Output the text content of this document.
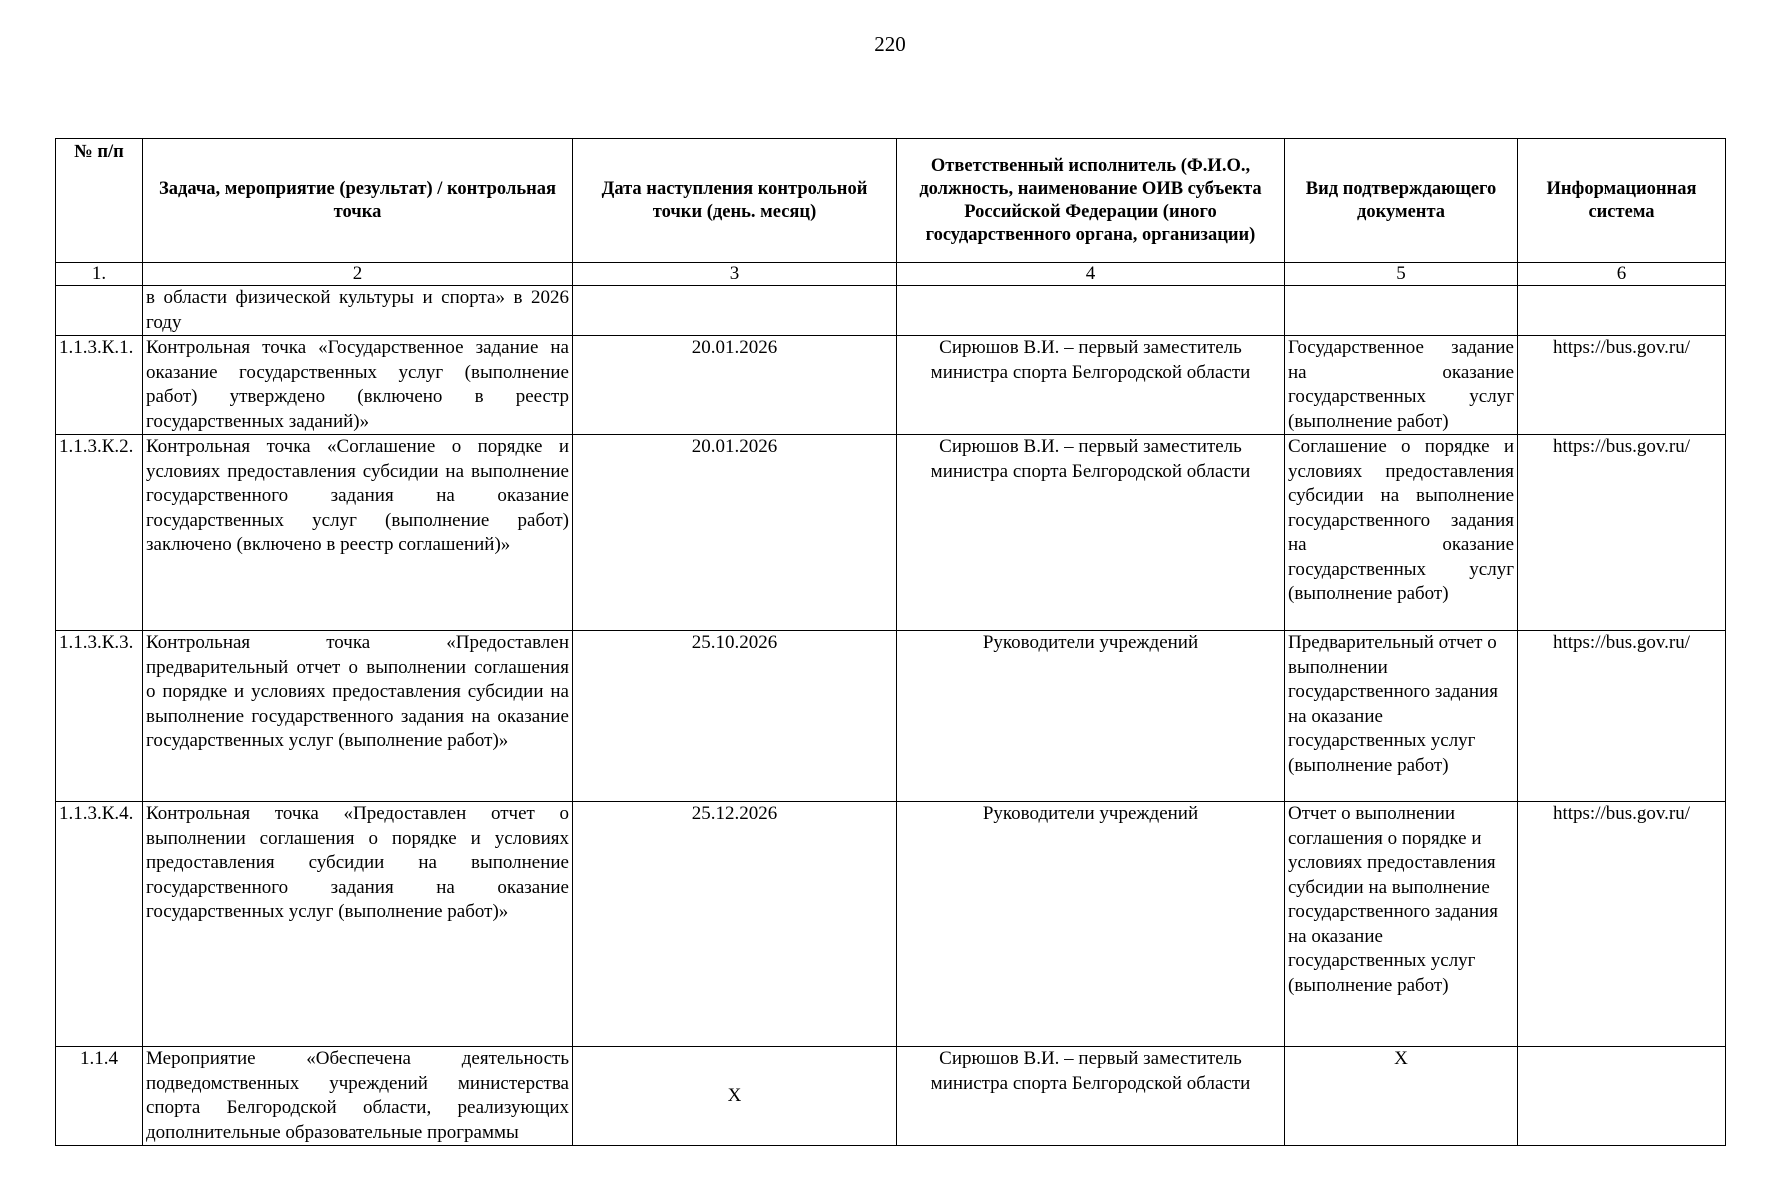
220
№ п/п	Задача, мероприятие (результат) / контрольная точка	Дата наступления контрольной точки (день. месяц)	Ответственный исполнитель (Ф.И.О., должность, наименование ОИВ субъекта Российской Федерации (иного государственного органа, организации)	Вид подтверждающего документа	Информационная система
1.	2	3	4	5	6
	в области физической культуры и спорта» в 2026 году				
1.1.3.К.1.	Контрольная точка «Государственное задание на оказание государственных услуг (выполнение работ) утверждено (включено в реестр государственных заданий)»	20.01.2026	Сирюшов В.И. – первый заместитель министра спорта Белгородской области	Государственное задание на оказание государственных услуг (выполнение работ)	https://bus.gov.ru/
1.1.3.К.2.	Контрольная точка «Соглашение о порядке и условиях предоставления субсидии на выполнение государственного задания на оказание государственных услуг (выполнение работ) заключено (включено в реестр соглашений)»	20.01.2026	Сирюшов В.И. – первый заместитель министра спорта Белгородской области	Соглашение о порядке и условиях предоставления субсидии на выполнение государственного задания на оказание государственных услуг (выполнение работ)	https://bus.gov.ru/
1.1.3.К.3.	Контрольная точка «Предоставлен предварительный отчет о выполнении соглашения о порядке и условиях предоставления субсидии на выполнение государственного задания на оказание государственных услуг (выполнение работ)»	25.10.2026	Руководители учреждений	Предварительный отчет о выполнении государственного задания на оказание государственных услуг (выполнение работ)	https://bus.gov.ru/
1.1.3.К.4.	Контрольная точка «Предоставлен отчет о выполнении соглашения о порядке и условиях предоставления субсидии на выполнение государственного задания на оказание государственных услуг (выполнение работ)»	25.12.2026	Руководители учреждений	Отчет о выполнении соглашения о порядке и условиях предоставления субсидии на выполнение государственного задания на оказание государственных услуг (выполнение работ)	https://bus.gov.ru/
1.1.4	Мероприятие «Обеспечена деятельность подведомственных учреждений министерства спорта Белгородской области, реализующих дополнительные образовательные программы	Х	Сирюшов В.И. – первый заместитель министра спорта Белгородской области	Х	
